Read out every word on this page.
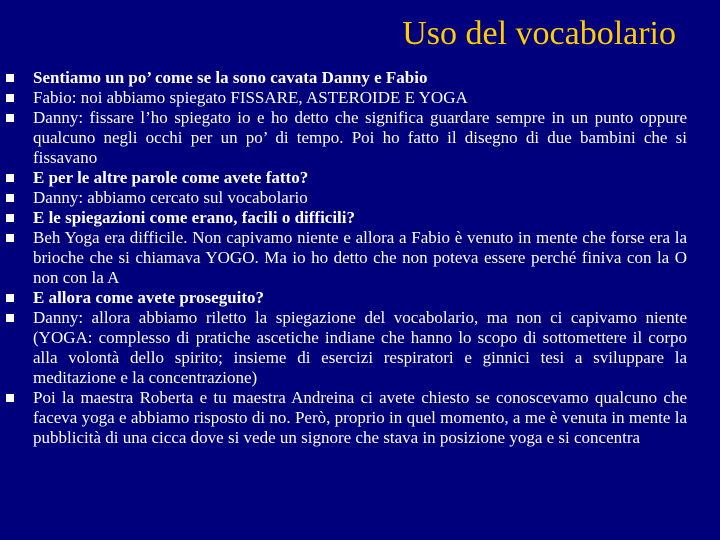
Uso del vocabolario
Sentiamo un po’ come se la sono cavata Danny e Fabio
Fabio: noi abbiamo spiegato FISSARE, ASTEROIDE E YOGA
Danny: fissare l’ho spiegato io e ho detto che significa guardare sempre in un punto oppure qualcuno negli occhi per un po’ di tempo. Poi ho fatto il disegno di due bambini che si fissavano
E per le altre parole come avete fatto?
Danny: abbiamo cercato sul vocabolario
E le spiegazioni come erano, facili o difficili?
Beh Yoga era difficile. Non capivamo niente e allora a Fabio è venuto in mente che forse era la brioche che si chiamava YOGO. Ma io ho detto che non poteva essere perché finiva con la O non con la A
E allora come avete proseguito?
Danny: allora abbiamo riletto la spiegazione del vocabolario, ma non ci capivamo niente (YOGA: complesso di pratiche ascetiche indiane che hanno lo scopo di sottomettere il corpo alla volontà dello spirito; insieme di esercizi respiratori e ginnici tesi a sviluppare la meditazione e la concentrazione)
Poi la maestra Roberta e tu maestra Andreina ci avete chiesto se conoscevamo qualcuno che faceva yoga e abbiamo risposto di no. Però, proprio in quel momento, a me è venuta in mente la pubblicità di una cicca dove si vede un signore che stava in posizione yoga e si concentra
